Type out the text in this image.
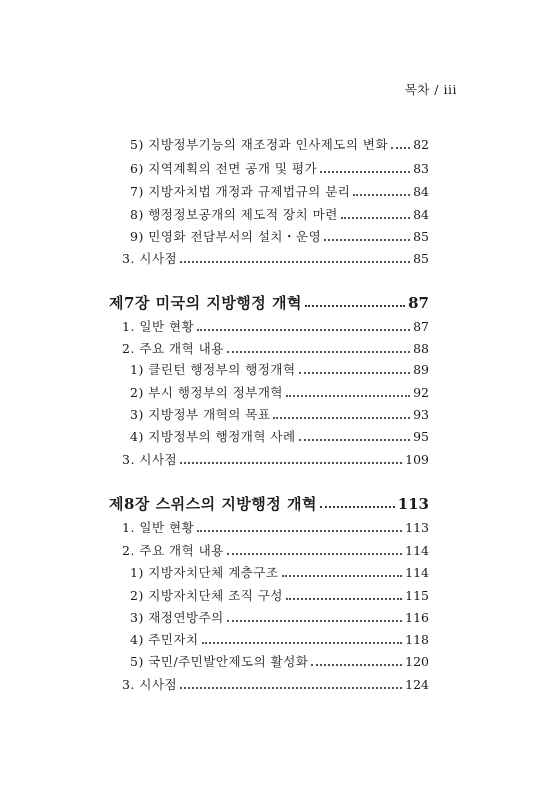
목차 / iii
5) 지방정부기능의 재조정과 인사제도의 변화 82
6) 지역계획의 전면 공개 및 평가	83
7) 지방자치법 개정과 규제법규의 분리	84
8) 행정정보공개의 제도적 장치 마련	84
9) 민영화 전담부서의 설치・운영	85
3. 시사점	85
제7장 미국의 지방행정 개혁	87
1. 일반 현황	87
2. 주요 개혁 내용	88
1) 클린턴 행정부의 행정개혁	89
2) 부시 행정부의 정부개혁	92
3) 지방정부 개혁의 목표	93
4) 지방정부의 행정개혁 사례	95
3. 시사점	109
제8장 스위스의 지방행정 개혁	113
1. 일반 현황	113
2. 주요 개혁 내용	114
1) 지방자치단체 계층구조	114
2) 지방자치단체 조직 구성	115
3) 재정연방주의	116
4) 주민자치	118
5) 국민/주민발안제도의 활성화	120
3. 시사점	124
